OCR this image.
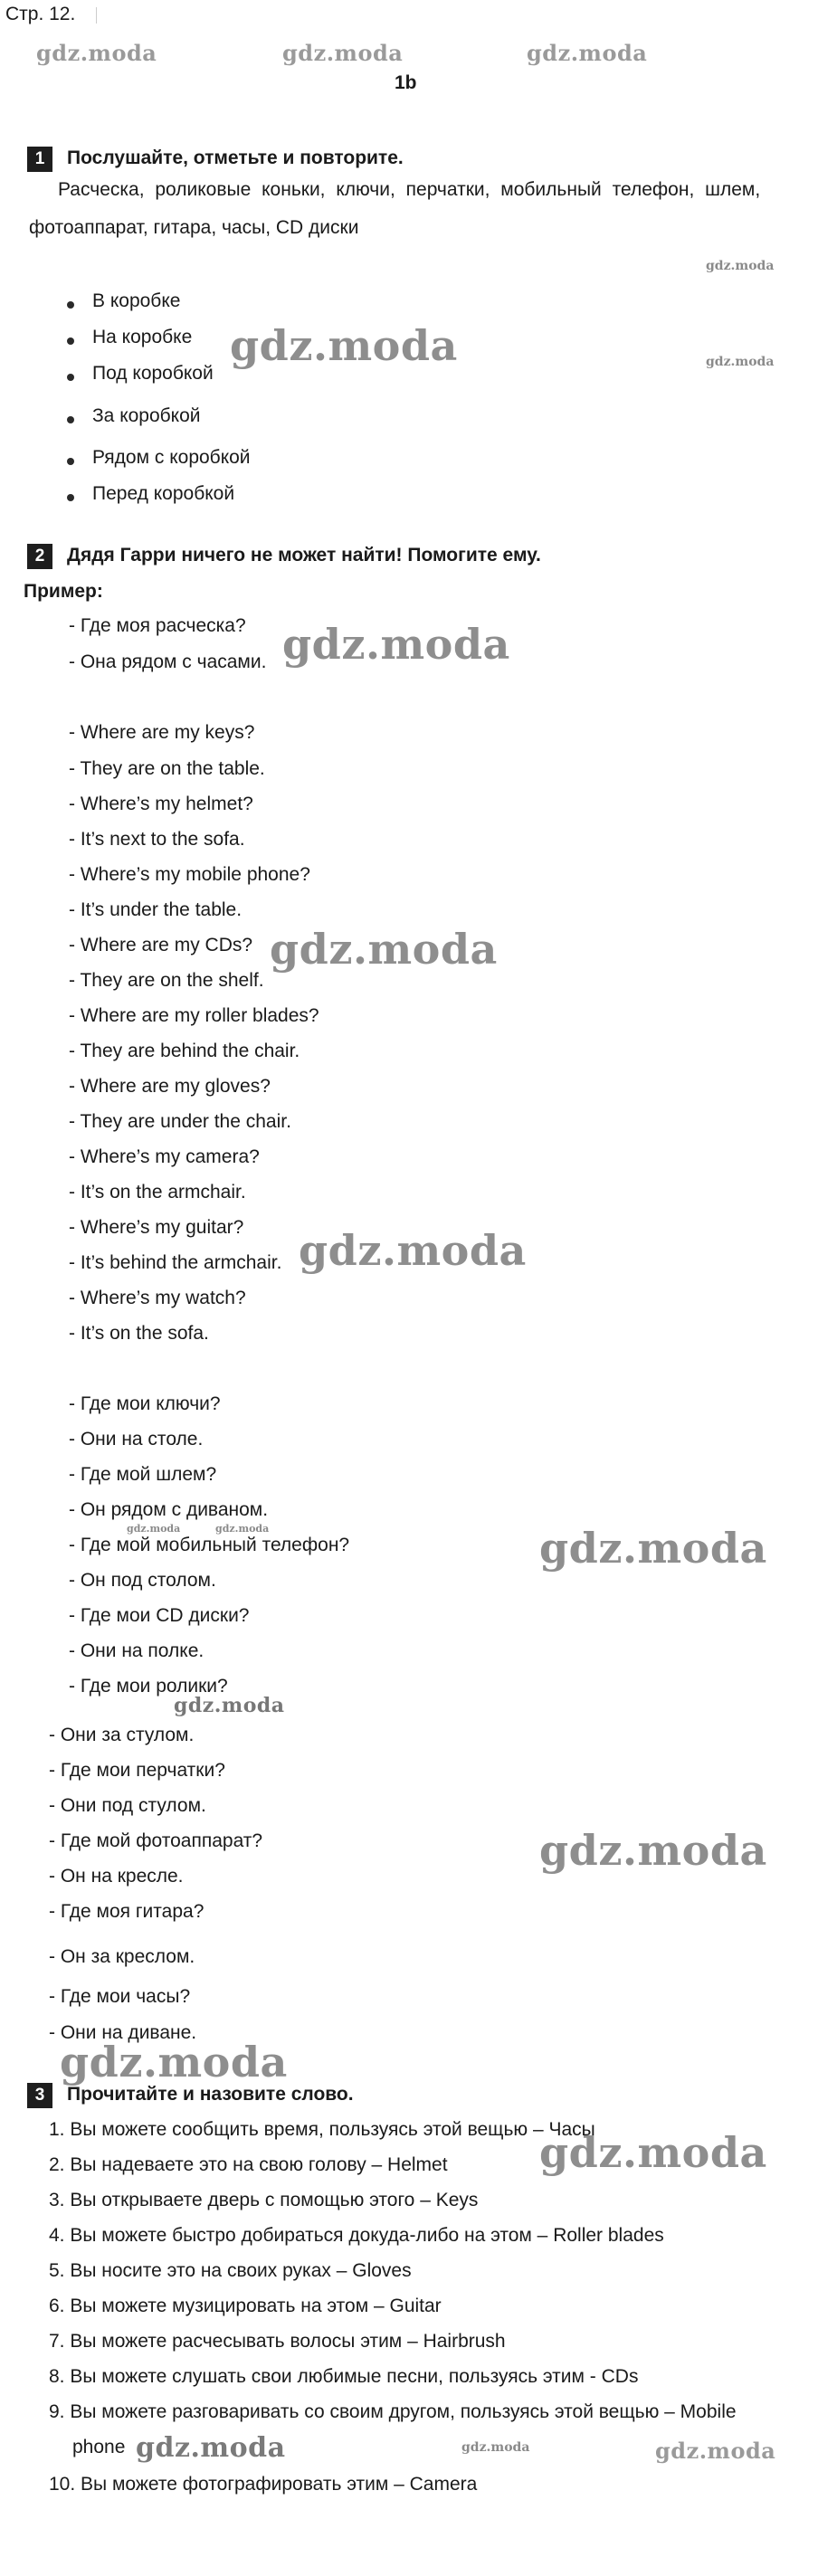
Стр. 12.
gdz.moda	gdz.moda	gdz.moda
1b
1	Послушайте, отметьте и повторите.
Расческа, роликовые коньки, ключи, перчатки, мобильный телефон, шлем,
фотоаппарат, гитара, часы, CD диски
gdz.moda
В коробке
На коробке
Под коробкой
За коробкой
Рядом с коробкой
Перед коробкой
gdz.moda	gdz.moda
2	Дядя Гарри ничего не может найти! Помогите ему.
Пример:
- Где моя расческа?
- Она рядом с часами. gdz.moda
- Where are my keys?
- They are on the table.
- Where’s my helmet?
- It’s next to the sofa.
- Where’s my mobile phone?
- It’s under the table.
- Where are my CDs?
- They are on the shelf.
- Where are my roller blades?
- They are behind the chair.
- Where are my gloves?
- They are under the chair.
- Where’s my camera?
- It’s on the armchair.
- Where’s my guitar?
- It’s behind the armchair.
- Where’s my watch?
- It’s on the sofa.
gdz.moda
gdz.moda
- Где мои ключи?
- Они на столе.
- Где мой шлем?
- Он рядом с диваном.
gdz.moda	gdz.moda
- Где мой мобильный телефон?
- Он под столом.
- Где мои CD диски?
- Они на полке.
- Где мои ролики?
gdz.moda
gdz.moda
- Они за стулом.
- Где мои перчатки?
- Они под стулом.
- Где мой фотоаппарат?
- Он на кресле.
- Где моя гитара?
- Он за креслом.
- Где мои часы?
- Они на диване.
gdz.moda
gdz.moda
3	Прочитайте и назовите слово.
1. Вы можете сообщить время, пользуясь этой вещью – Часы
2. Вы надеваете это на свою голову – Helmet
3. Вы открываете дверь с помощью этого – Keys
4. Вы можете быстро добираться докуда-либо на этом – Roller blades
5. Вы носите это на своих руках – Gloves
6. Вы можете музицировать на этом – Guitar
7. Вы можете расчесывать волосы этим – Hairbrush
8. Вы можете слушать свои любимые песни, пользуясь этим - CDs
9. Вы можете разговаривать со своим другом, пользуясь этой вещью – Mobile
phone
10. Вы можете фотографировать этим – Camera
gdz.moda
gdz.moda	gdz.moda	gdz.moda
